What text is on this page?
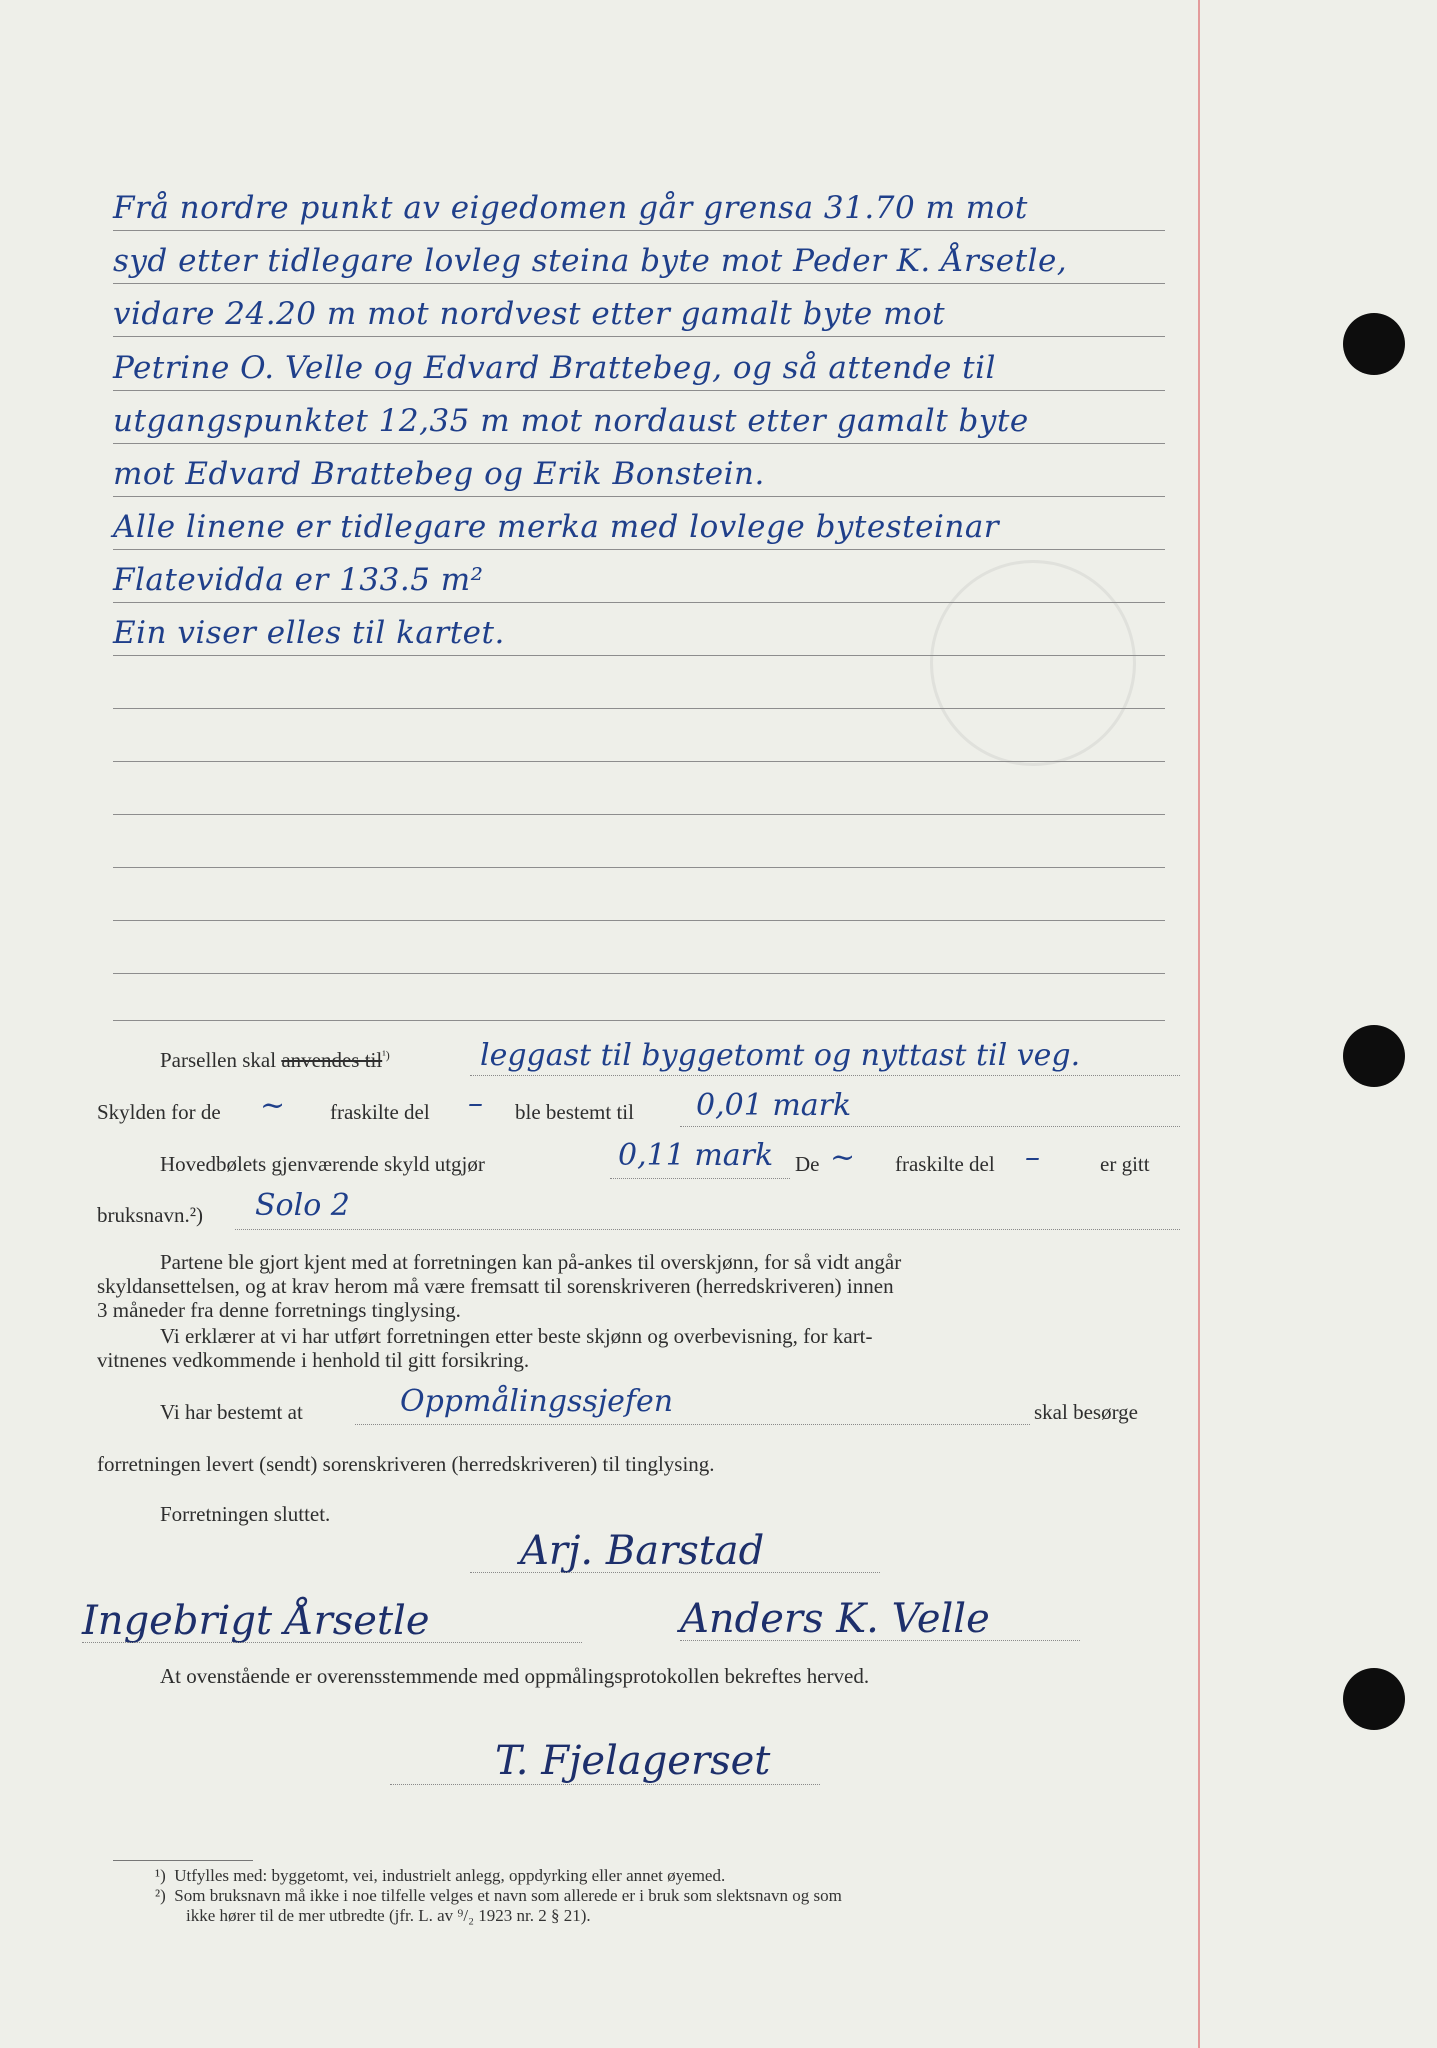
Frå nordre punkt av eigedomen går grensa 31.70 m mot
syd etter tidlegare lovleg steina byte mot Peder K. Årsetle,
vidare 24.20 m mot nordvest etter gamalt byte mot
Petrine O. Velle og Edvard Brattebeg, og så attende til
utgangspunktet 12,35 m mot nordaust etter gamalt byte
mot Edvard Brattebeg og Erik Bonstein.
Alle linene er tidlegare merka med lovlege bytesteinar
Flatevidda er 133.5 m²
Ein viser elles til kartet.
Parsellen skal anvendes til$^{^1)}$	leggast til byggetomt og nyttast til veg.
Skylden for de ~ fraskilte del – ble bestemt til 0,01 mark
Hovedbølets gjenværende skyld utgjør	0,11 mark De ~ fraskilte del –	er gitt
bruksnavn.²) Solo 2
Partene ble gjort kjent med at forretningen kan på-ankes til overskjønn, for så vidt angår
skyldansettelsen, og at krav herom må være fremsatt til sorenskriveren (herredskriveren) innen
3 måneder fra denne forretnings tinglysing.
Vi erklærer at vi har utført forretningen etter beste skjønn og overbevisning, for kart-
vitnenes vedkommende i henhold til gitt forsikring.
Vi har bestemt at	Oppmålingssjefen	skal besørge
forretningen levert (sendt) sorenskriveren (herredskriveren) til tinglysing.
Forretningen sluttet.
Arj. Barstad
Ingebrigt Årsetle	Anders K. Velle
At ovenstående er overensstemmende med oppmålingsprotokollen bekreftes herved.
T. Fjelagerset
¹) Utfylles med: byggetomt, vei, industrielt anlegg, oppdyrking eller annet øyemed.
²) Som bruksnavn må ikke i noe tilfelle velges et navn som allerede er i bruk som slektsnavn og som
ikke hører til de mer utbredte (jfr. L. av ⁹/₂ 1923 nr. 2 § 21).
